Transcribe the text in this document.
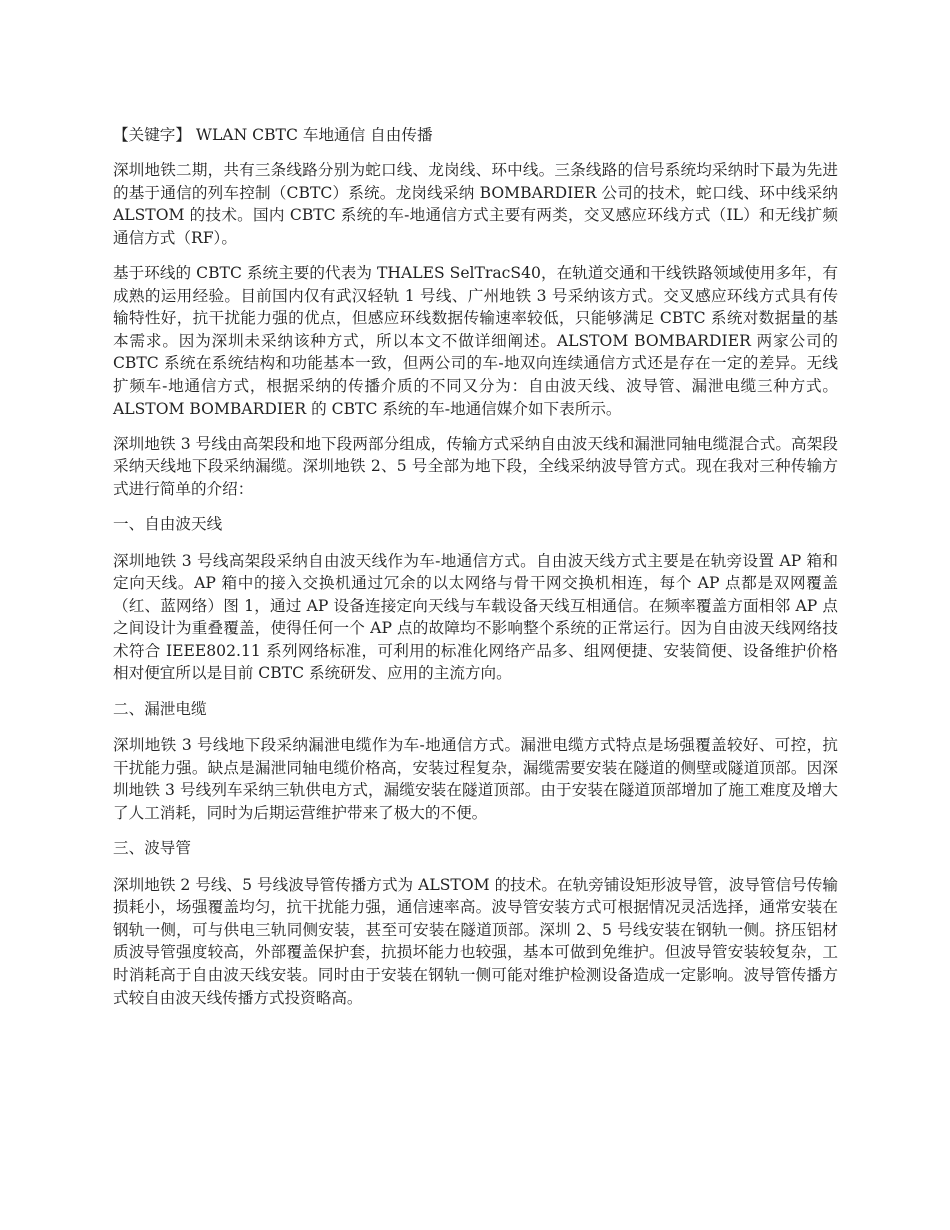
【关键字】 WLAN CBTC 车地通信 自由传播

深圳地铁二期，共有三条线路分别为蛇口线、龙岗线、环中线。三条线路的信号系统均采纳时下最为先进的基于通信的列车控制（CBTC）系统。龙岗线采纳 BOMBARDIER 公司的技术，蛇口线、环中线采纳 ALSTOM 的技术。国内 CBTC 系统的车-地通信方式主要有两类，交叉感应环线方式（IL）和无线扩频通信方式（RF）。

基于环线的 CBTC 系统主要的代表为 THALES SelTracS40，在轨道交通和干线铁路领域使用多年，有成熟的运用经验。目前国内仅有武汉轻轨 1 号线、广州地铁 3 号采纳该方式。交叉感应环线方式具有传输特性好，抗干扰能力强的优点，但感应环线数据传输速率较低，只能够满足 CBTC 系统对数据量的基本需求。因为深圳未采纳该种方式，所以本文不做详细阐述。ALSTOM BOMBARDIER 两家公司的 CBTC 系统在系统结构和功能基本一致，但两公司的车-地双向连续通信方式还是存在一定的差异。无线扩频车-地通信方式，根据采纳的传播介质的不同又分为：自由波天线、波导管、漏泄电缆三种方式。ALSTOM BOMBARDIER 的 CBTC 系统的车-地通信媒介如下表所示。

深圳地铁 3 号线由高架段和地下段两部分组成，传输方式采纳自由波天线和漏泄同轴电缆混合式。高架段采纳天线地下段采纳漏缆。深圳地铁 2、5 号全部为地下段，全线采纳波导管方式。现在我对三种传输方式进行简单的介绍：

一、自由波天线

深圳地铁 3 号线高架段采纳自由波天线作为车-地通信方式。自由波天线方式主要是在轨旁设置 AP 箱和定向天线。AP 箱中的接入交换机通过冗余的以太网络与骨干网交换机相连，每个 AP 点都是双网覆盖（红、蓝网络）图 1，通过 AP 设备连接定向天线与车载设备天线互相通信。在频率覆盖方面相邻 AP 点之间设计为重叠覆盖，使得任何一个 AP 点的故障均不影响整个系统的正常运行。因为自由波天线网络技术符合 IEEE802.11 系列网络标准，可利用的标准化网络产品多、组网便捷、安装简便、设备维护价格相对便宜所以是目前 CBTC 系统研发、应用的主流方向。

二、漏泄电缆

深圳地铁 3 号线地下段采纳漏泄电缆作为车-地通信方式。漏泄电缆方式特点是场强覆盖较好、可控，抗干扰能力强。缺点是漏泄同轴电缆价格高，安装过程复杂，漏缆需要安装在隧道的侧壁或隧道顶部。因深圳地铁 3 号线列车采纳三轨供电方式，漏缆安装在隧道顶部。由于安装在隧道顶部增加了施工难度及增大了人工消耗，同时为后期运营维护带来了极大的不便。

三、波导管

深圳地铁 2 号线、5 号线波导管传播方式为 ALSTOM 的技术。在轨旁铺设矩形波导管，波导管信号传输损耗小，场强覆盖均匀，抗干扰能力强，通信速率高。波导管安装方式可根据情况灵活选择，通常安装在钢轨一侧，可与供电三轨同侧安装，甚至可安装在隧道顶部。深圳 2、5 号线安装在钢轨一侧。挤压铝材质波导管强度较高，外部覆盖保护套，抗损坏能力也较强，基本可做到免维护。但波导管安装较复杂，工时消耗高于自由波天线安装。同时由于安装在钢轨一侧可能对维护检测设备造成一定影响。波导管传播方式较自由波天线传播方式投资略高。
